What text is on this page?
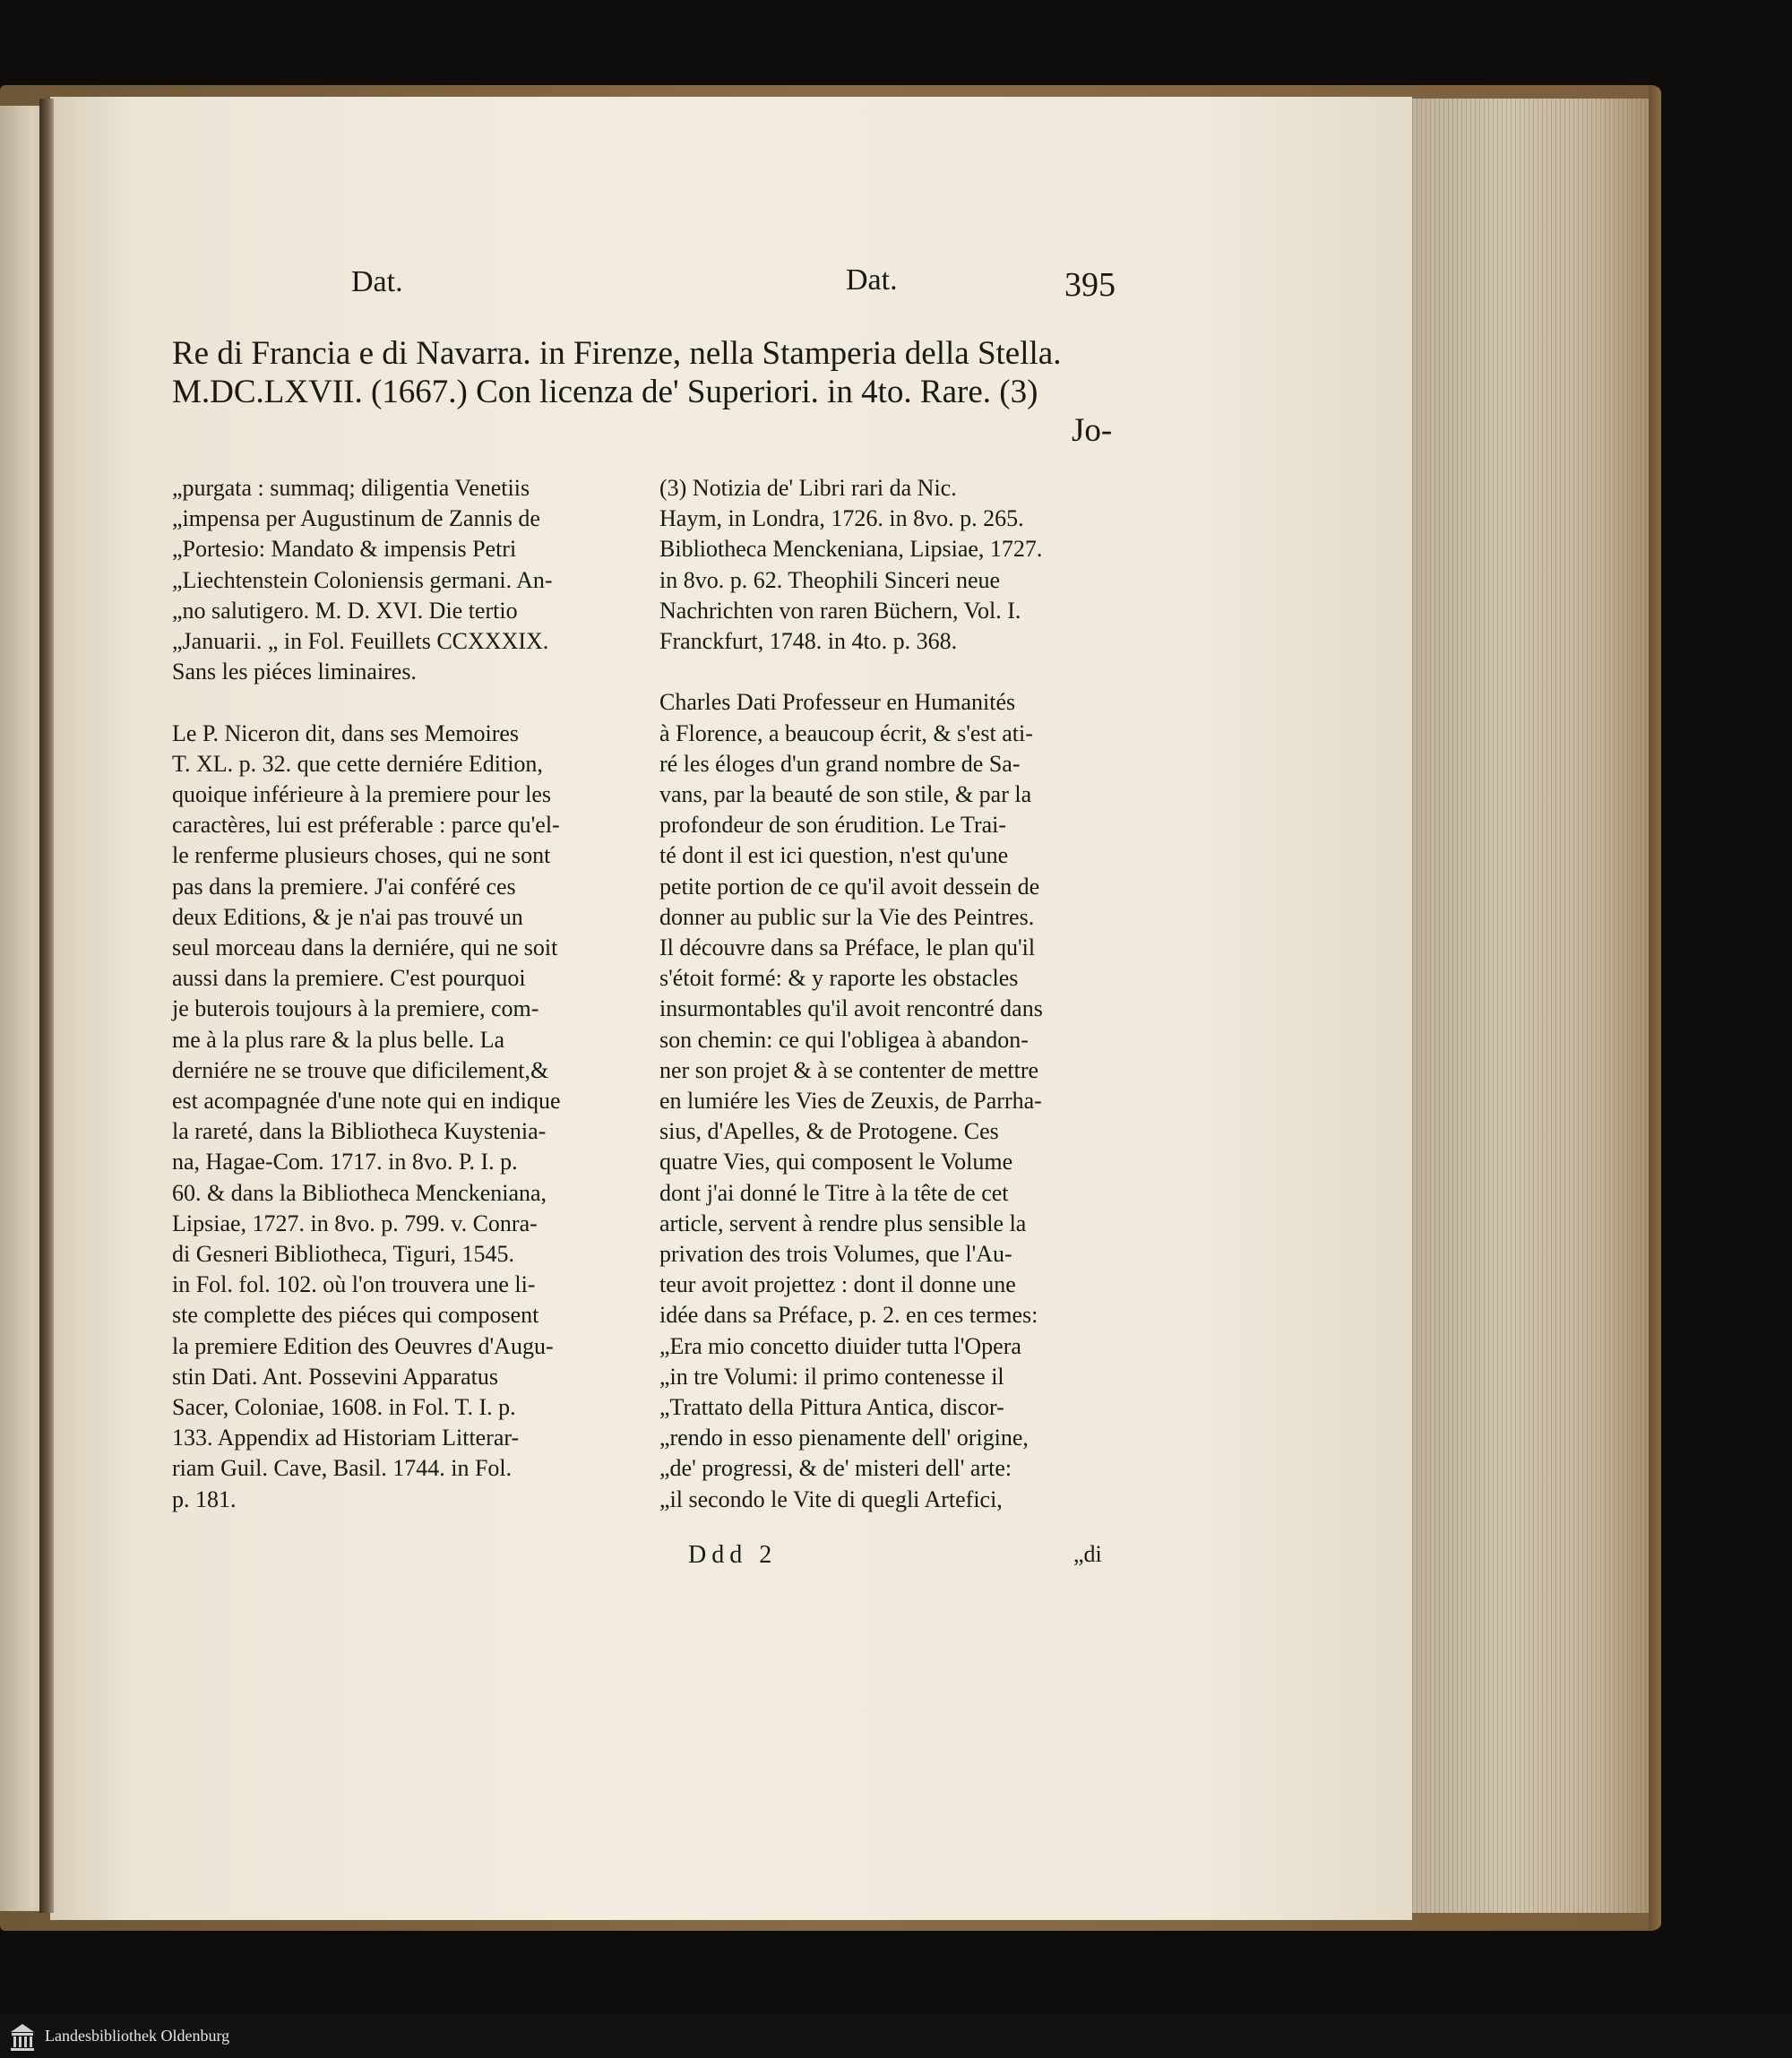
Dat.	Dat.	395

Re di Francia e di Navarra. in Firenze, nella Stamperia della Stella.

M.DC.LXVII. (1667.) Con licenza de' Superiori. in 4to. Rare. (3)

Jo-

„purgata : summaq; diligentia Venetiis

„impensa per Augustinum de Zannis de

„Portesio: Mandato & impensis Petri

„Liechtenstein Coloniensis germani. An-

„no salutigero. M. D. XVI. Die tertio

„Januarii. „ in Fol. Feuillets CCXXXIX.

Sans les piéces liminaires.

Le P. Niceron dit, dans ses Memoires

T. XL. p. 32. que cette derniére Edition,

quoique inférieure à la premiere pour les

caractères, lui est préferable : parce qu'el-

le renferme plusieurs choses, qui ne sont

pas dans la premiere. J'ai conféré ces

deux Editions, & je n'ai pas trouvé un

seul morceau dans la derniére, qui ne soit

aussi dans la premiere. C'est pourquoi

je buterois toujours à la premiere, com-

me à la plus rare & la plus belle. La

derniére ne se trouve que dificilement,&

est acompagnée d'une note qui en indique

la rareté, dans la Bibliotheca Kuystenia-

na, Hagae-Com. 1717. in 8vo. P. I. p.

60. & dans la Bibliotheca Menckeniana,

Lipsiae, 1727. in 8vo. p. 799. v. Conra-

di Gesneri Bibliotheca, Tiguri, 1545.

in Fol. fol. 102. où l'on trouvera une li-

ste complette des piéces qui composent

la premiere Edition des Oeuvres d'Augu-

stin Dati. Ant. Possevini Apparatus

Sacer, Coloniae, 1608. in Fol. T. I. p.

133. Appendix ad Historiam Litterar-

riam Guil. Cave, Basil. 1744. in Fol.

p. 181.

(3) Notizia de' Libri rari da Nic.

Haym, in Londra, 1726. in 8vo. p. 265.

Bibliotheca Menckeniana, Lipsiae, 1727.

in 8vo. p. 62. Theophili Sinceri neue

Nachrichten von raren Büchern, Vol. I.

Franckfurt, 1748. in 4to. p. 368.

Charles Dati Professeur en Humanités

à Florence, a beaucoup écrit, & s'est ati-

ré les éloges d'un grand nombre de Sa-

vans, par la beauté de son stile, & par la

profondeur de son érudition. Le Trai-

té dont il est ici question, n'est qu'une

petite portion de ce qu'il avoit dessein de

donner au public sur la Vie des Peintres.

Il découvre dans sa Préface, le plan qu'il

s'étoit formé: & y raporte les obstacles

insurmontables qu'il avoit rencontré dans

son chemin: ce qui l'obligea à abandon-

ner son projet & à se contenter de mettre

en lumiére les Vies de Zeuxis, de Parrha-

sius, d'Apelles, & de Protogene. Ces

quatre Vies, qui composent le Volume

dont j'ai donné le Titre à la tête de cet

article, servent à rendre plus sensible la

privation des trois Volumes, que l'Au-

teur avoit projettez : dont il donne une

idée dans sa Préface, p. 2. en ces termes:

„Era mio concetto diuider tutta l'Opera

„in tre Volumi: il primo contenesse il

„Trattato della Pittura Antica, discor-

„rendo in esso pienamente dell' origine,

„de' progressi, & de' misteri dell' arte:

„il secondo le Vite di quegli Artefici,

Ddd 2	„di

Landesbibliothek Oldenburg
